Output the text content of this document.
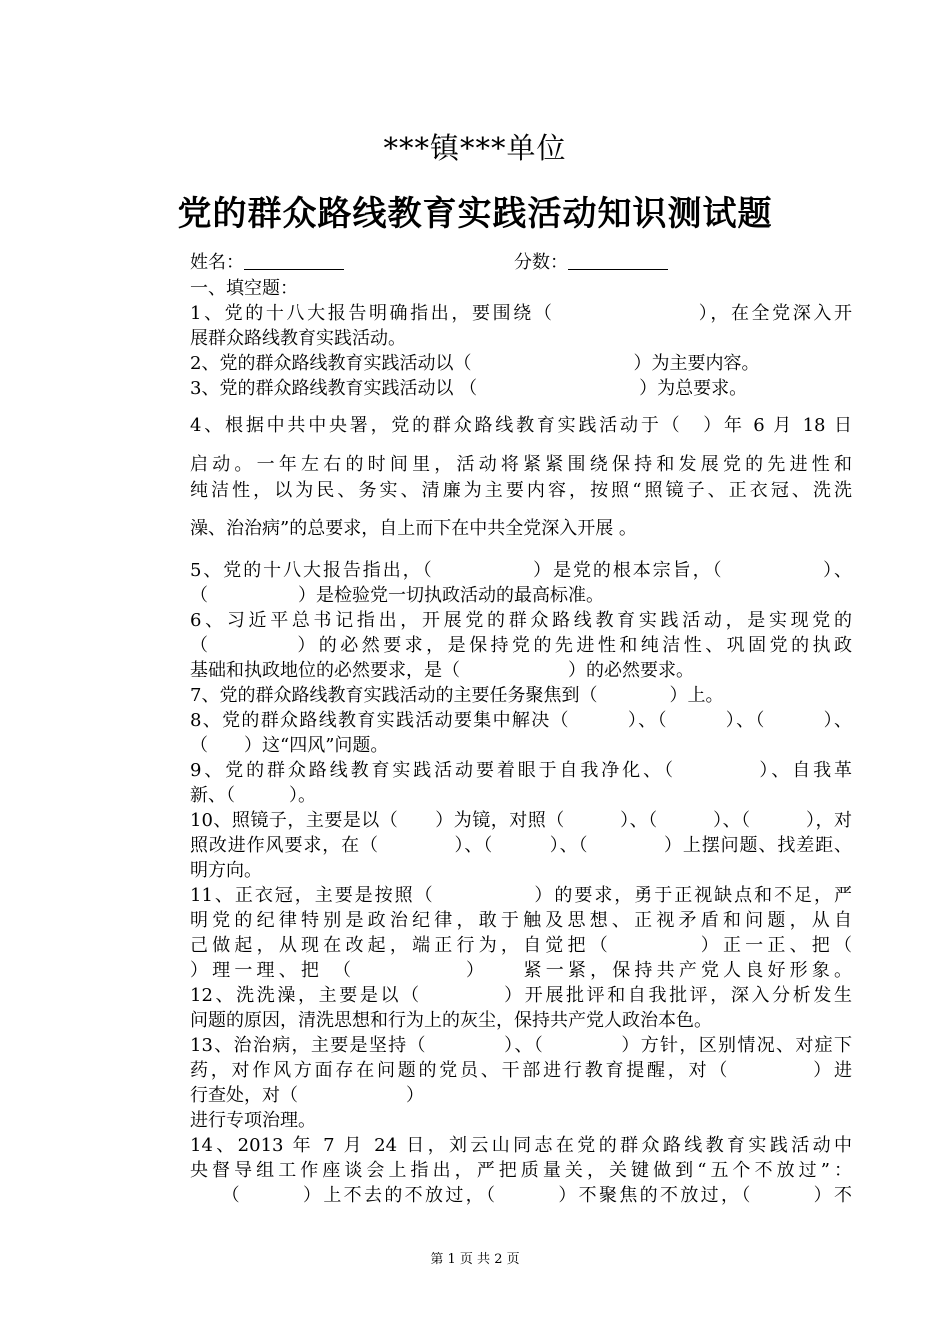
***镇***单位
党的群众路线教育实践活动知识测试题
姓名：	分数：
一、填空题：
1、党的十八大报告明确指出，要围绕（　　　　　　　），在全党深入开
展群众路线教育实践活动。
2、党的群众路线教育实践活动以（　　　　　　　　　）为主要内容。
3、党的群众路线教育实践活动以 （　　　　　　　　　）为总要求。
4、根据中共中央署，党的群众路线教育实践活动于（　）年 6 月 18 日
启动。一年左右的时间里，活动将紧紧围绕保持和发展党的先进性和
纯洁性，以为民、务实、清廉为主要内容，按照“照镜子、正衣冠、洗洗
澡、治治病”的总要求，自上而下在中共全党深入开展 。
5、党的十八大报告指出，（　　　　　）是党的根本宗旨，（　　　　　）、
（　　　　　）是检验党一切执政活动的最高标准。
6、习近平总书记指出，开展党的群众路线教育实践活动，是实现党的
（　　　　）的必然要求，是保持党的先进性和纯洁性、巩固党的执政
基础和执政地位的必然要求，是（　　　　　　）的必然要求。
7、党的群众路线教育实践活动的主要任务聚焦到（　　　　）上。
8、党的群众路线教育实践活动要集中解决（　　　）、（　　　）、（　　　）、
（　　）这“四风”问题。
9、党的群众路线教育实践活动要着眼于自我净化、（　　　　）、自我革
新、（　　　）。
10、照镜子，主要是以（　　）为镜，对照（　　　）、（　　　）、（　　　），对
照改进作风要求，在（　　　　）、（　　　）、（　　　　）上摆问题、找差距、
明方向。
11、正衣冠，主要是按照（　　　　　）的要求，勇于正视缺点和不足，严
明党的纪律特别是政治纪律，敢于触及思想、正视矛盾和问题，从自
己做起，从现在改起，端正行为，自觉把（　　　　）正一正、把（
）理一理、把 （　　　　　）　　紧一紧，保持共产党人良好形象。
12、洗洗澡，主要是以（　　　　）开展批评和自我批评，深入分析发生
问题的原因，清洗思想和行为上的灰尘，保持共产党人政治本色。
13、治治病，主要是坚持（　　　　）、（　　　　）方针，区别情况、对症下
药，对作风方面存在问题的党员、干部进行教育提醒，对（　　　　）进
行查处，对（　　　　　　）
进行专项治理。
14、2013 年 7 月 24 日，刘云山同志在党的群众路线教育实践活动中
央督导组工作座谈会上指出，严把质量关，关键做到“五个不放过”：
　　（　　　）上不去的不放过，（　　　）不聚焦的不放过，（　　　）不
第 1 页 共 2 页
